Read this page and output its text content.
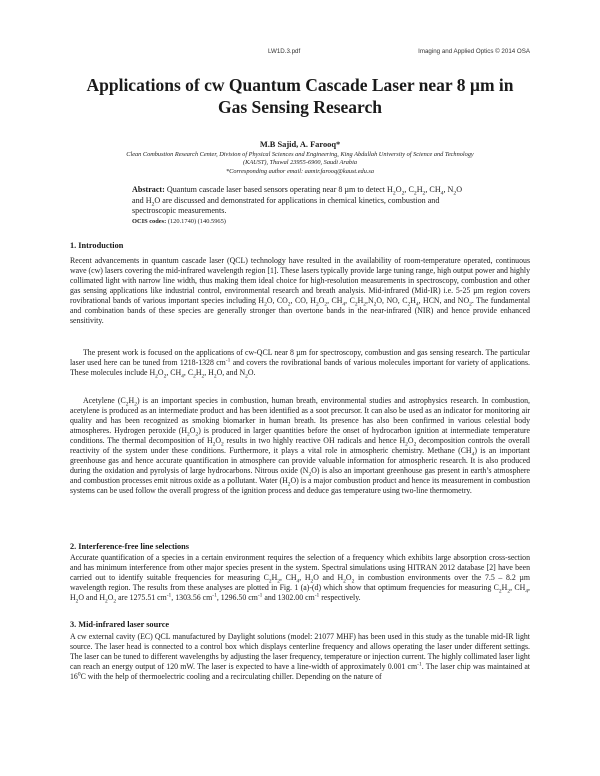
LW1D.3.pdf	Imaging and Applied Optics © 2014 OSA
Applications of cw Quantum Cascade Laser near 8 µm in
Gas Sensing Research
M.B Sajid, A. Farooq*
Clean Combustion Research Center, Division of Physical Sciences and Engineering, King Abdullah University of Science and Technology
(KAUST), Thuwal 23955-6900, Saudi Arabia
*Corresponding author email: aamir.farooq@kaust.edu.sa
Abstract: Quantum cascade laser based sensors operating near 8 µm to detect $H_2O_2$, $C_2H_2$, $CH_4$, $N_2O$ and $H_2O$ are discussed and demonstrated for applications in chemical kinetics, combustion and spectroscopic measurements.
OCIS codes: (120.1740) (140.5965)
1. Introduction
Recent advancements in quantum cascade laser (QCL) technology have resulted in the availability of room-temperature operated, continuous wave (cw) lasers covering the mid-infrared wavelength region [1]. These lasers typically provide large tuning range, high output power and highly collimated light with narrow line width, thus making them ideal choice for high-resolution measurements in spectroscopy, combustion and other gas sensing applications like industrial control, environmental research and breath analysis. Mid-infrared (Mid-IR) i.e. 5-25 µm region covers rovibrational bands of various important species including $H_2O$, $CO_2$, CO, $H_2O_2$, $CH_4$, $C_2H_2,N_2O$, NO, $C_2H_4$, HCN, and $NO_2$. The fundamental and combination bands of these species are generally stronger than overtone bands in the near-infrared (NIR) and hence provide enhanced sensitivity.
The present work is focused on the applications of cw-QCL near 8 µm for spectroscopy, combustion and gas sensing research. The particular laser used here can be tuned from 1218-1328 $cm^{-1}$ and covers the rovibrational bands of various molecules important for variety of applications. These molecules include $H_2O_2$, $CH_4$, $C_2H_2$, $H_2O$, and $N_2O$.
Acetylene $(C_2H_2)$ is an important species in combustion, human breath, environmental studies and astrophysics research. In combustion, acetylene is produced as an intermediate product and has been identified as a soot precursor. It can also be used as an indicator for monitoring air quality and has been recognized as smoking biomarker in human breath. Its presence has also been confirmed in various celestial body atmospheres. Hydrogen peroxide $(H_2O_2)$ is produced in larger quantities before the onset of hydrocarbon ignition at intermediate temperature conditions. The thermal decomposition of $H_2O_2$ results in two highly reactive OH radicals and hence $H_2O_2$ decomposition controls the overall reactivity of the system under these conditions. Furthermore, it plays a vital role in atmospheric chemistry. Methane $(CH_4)$ is an important greenhouse gas and hence accurate quantification in atmosphere can provide valuable information for atmospheric research. It is also produced during the oxidation and pyrolysis of large hydrocarbons. Nitrous oxide $(N_2O)$ is also an important greenhouse gas present in earth’s atmosphere and combustion processes emit nitrous oxide as a pollutant. Water $(H_2O)$ is a major combustion product and hence its measurement in combustion systems can be used follow the overall progress of the ignition process and deduce gas temperature using two-line thermometry.
2. Interference-free line selections
Accurate quantification of a species in a certain environment requires the selection of a frequency which exhibits large absorption cross-section and has minimum interference from other major species present in the system. Spectral simulations using HITRAN 2012 database [2] have been carried out to identify suitable frequencies for measuring $C_2H_2$, $CH_4$, $H_2O$ and $H_2O_2$ in combustion environments over the 7.5 – 8.2 µm wavelength region. The results from these analyses are plotted in Fig. 1 (a)-(d) which show that optimum frequencies for measuring $C_2H_2$, $CH_4$, $H_2O$ and $H_2O_2$ are 1275.51 $cm^{-1}$, 1303.56 $cm^{-1}$, 1296.50 $cm^{-1}$ and 1302.00 $cm^{-1}$ respectively.
3. Mid-infrared laser source
A cw external cavity (EC) QCL manufactured by Daylight solutions (model: 21077 MHF) has been used in this study as the tunable mid-IR light source. The laser head is connected to a control box which displays centerline frequency and allows operating the laser under different settings. The laser can be tuned to different wavelengths by adjusting the laser frequency, temperature or injection current. The highly collimated laser light can reach an energy output of 120 mW. The laser is expected to have a line-width of approximately 0.001 $cm^{-1}$. The laser chip was maintained at $16^0C$ with the help of thermoelectric cooling and a recirculating chiller. Depending on the nature of
